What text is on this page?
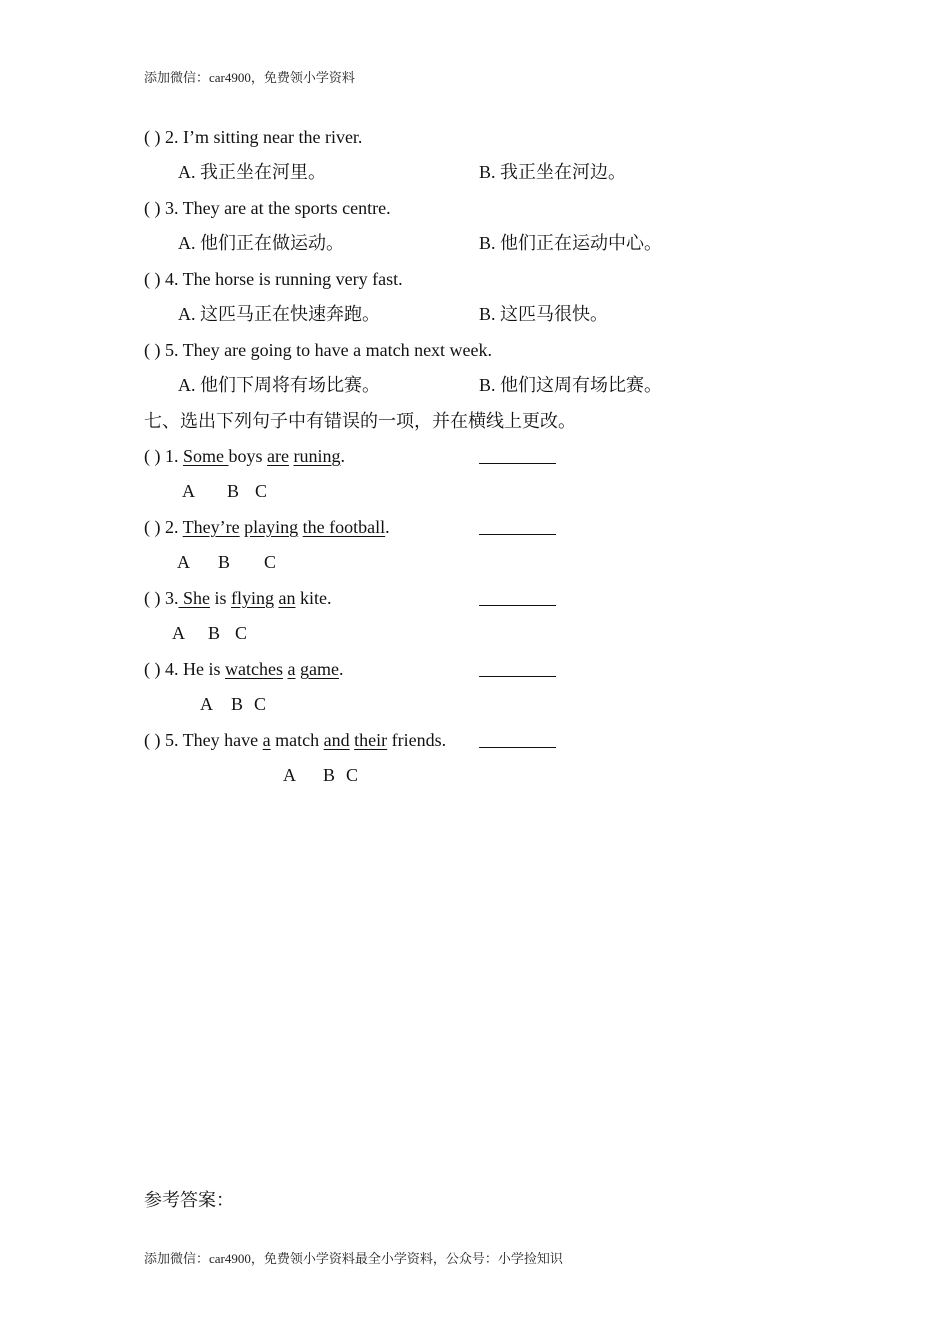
添加微信：car4900，免费领小学资料
( ) 2. I’m sitting near the river.
A. 我正坐在河里。	B. 我正坐在河边。
( ) 3. They are at the sports centre.
A. 他们正在做运动。	B. 他们正在运动中心。
( ) 4. The horse is running very fast.
A. 这匹马正在快速奔跑。	B. 这匹马很快。
( ) 5. They are going to have a match next week.
A. 他们下周将有场比赛。	B. 他们这周有场比赛。
七、选出下列句子中有错误的一项，并在横线上更改。
( ) 1. Some boys are runing.
A B C
( ) 2. They’re playing the football.
A B C
( ) 3. She is flying an kite.
A B C
( ) 4. He is watches a game.
A B C
( ) 5. They have a match and their friends.
A B C
参考答案：
添加微信：car4900，免费领小学资料最全小学资料，公众号：小学捡知识
